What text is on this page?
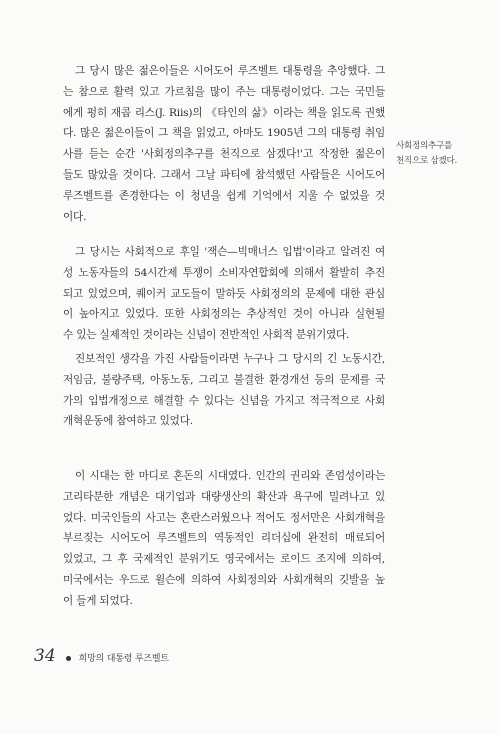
그 당시 많은 젊은이들은 시어도어 루즈벨트 대통령을 추앙했다. 그
는 참으로 활력 있고 가르침을 많이 주는 대통령이었다. 그는 국민들
에게 펑히 재콥 리스(J. Riis)의 《타인의 삶》이라는 책을 읽도록 권했
다. 많은 젊은이들이 그 책을 읽었고, 아마도 1905년 그의 대통령 취임
사를 듣는 순간 '사회정의추구를 천직으로 삼겠다!'고 작정한 젊은이
들도 많았을 것이다. 그래서 그날 파티에 참석했던 사람들은 시어도어
루즈벨트를 존경한다는 이 청년을 쉽게 기억에서 지울 수 없었을 것
이다.
그 당시는 사회적으로 후일 '잭슨—빅매너스 입법'이라고 알려진 여
성 노동자들의 54시간제 투쟁이 소비자연합회에 의해서 활발히 추진
되고 있었으며, 퀘이커 교도들이 말하듯 사회정의의 문제에 대한 관심
이 높아지고 있었다. 또한 사회정의는 추상적인 것이 아니라 실현될
수 있는 실제적인 것이라는 신념이 전반적인 사회적 분위기였다.
진보적인 생각을 가진 사람들이라면 누구나 그 당시의 긴 노동시간,
저임금, 불량주택, 아동노동, 그리고 불결한 환경개선 등의 문제를 국
가의 입법개정으로 해결할 수 있다는 신념을 가지고 적극적으로 사회
개혁운동에 참여하고 있었다.
이 시대는 한 마디로 혼돈의 시대였다. 인간의 권리와 존엄성이라는
고리타분한 개념은 대기업과 대량생산의 확산과 욕구에 밀려나고 있
었다. 미국인들의 사고는 혼란스러웠으나 적어도 정서만은 사회개혁을
부르짖는 시어도어 루즈벨트의 역동적인 리더십에 완전히 매료되어
있었고, 그 후 국제적인 분위기도 영국에서는 로이드 조지에 의하여,
미국에서는 우드로 윌슨에 의하여 사회정의와 사회개혁의 깃발을 높
이 들게 되었다.
사회정의추구를
천직으로 삼겠다.
34	희망의 대통령 루즈벨트
